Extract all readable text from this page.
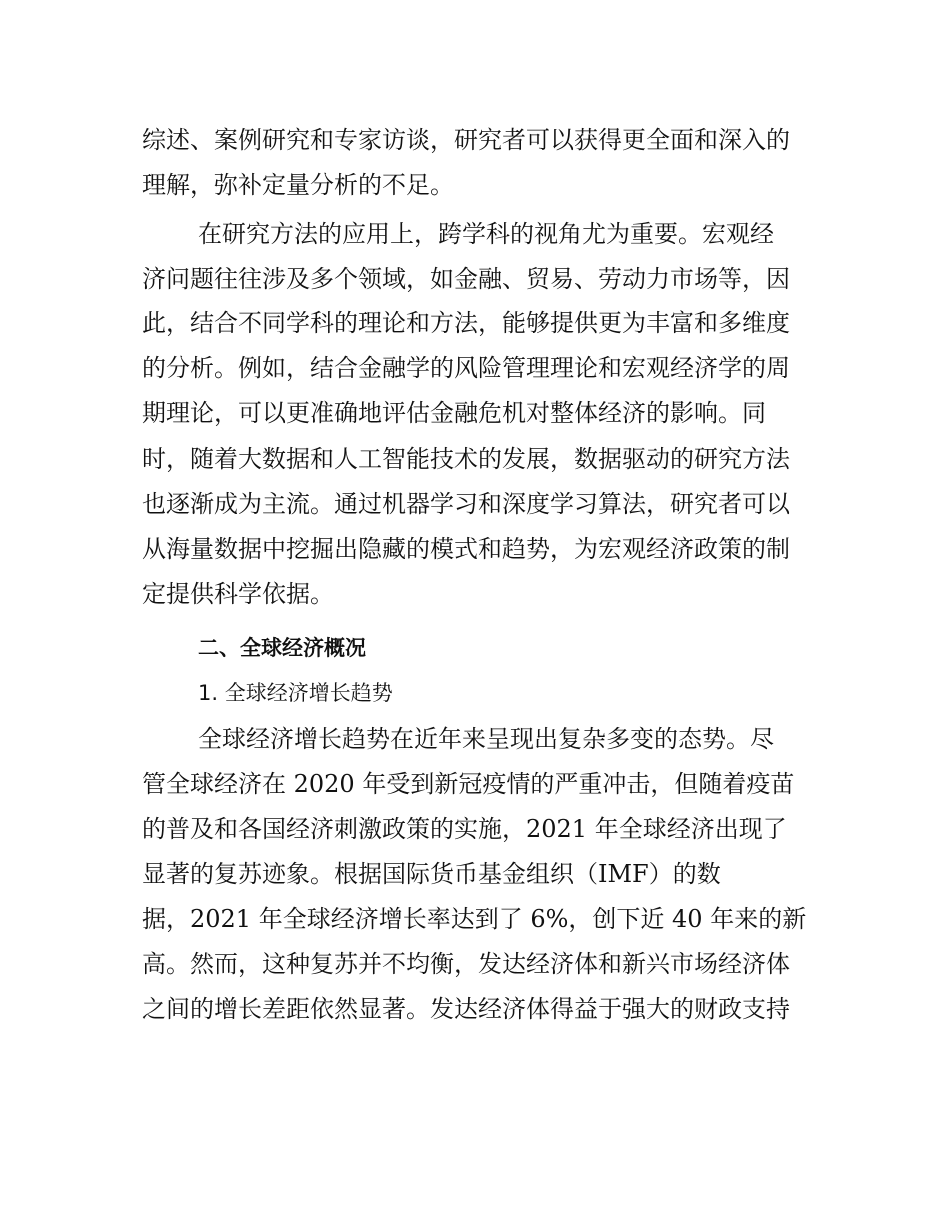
综述、案例研究和专家访谈，研究者可以获得更全面和深入的
理解，弥补定量分析的不足。
在研究方法的应用上，跨学科的视角尤为重要。宏观经
济问题往往涉及多个领域，如金融、贸易、劳动力市场等，因
此，结合不同学科的理论和方法，能够提供更为丰富和多维度
的分析。例如，结合金融学的风险管理理论和宏观经济学的周
期理论，可以更准确地评估金融危机对整体经济的影响。同
时，随着大数据和人工智能技术的发展，数据驱动的研究方法
也逐渐成为主流。通过机器学习和深度学习算法，研究者可以
从海量数据中挖掘出隐藏的模式和趋势，为宏观经济政策的制
定提供科学依据。
二、全球经济概况
1. 全球经济增长趋势
全球经济增长趋势在近年来呈现出复杂多变的态势。尽
管全球经济在 2020 年受到新冠疫情的严重冲击，但随着疫苗
的普及和各国经济刺激政策的实施，2021 年全球经济出现了
显著的复苏迹象。根据国际货币基金组织（IMF）的数
据，2021 年全球经济增长率达到了 6%，创下近 40 年来的新
高。然而，这种复苏并不均衡，发达经济体和新兴市场经济体
之间的增长差距依然显著。发达经济体得益于强大的财政支持
